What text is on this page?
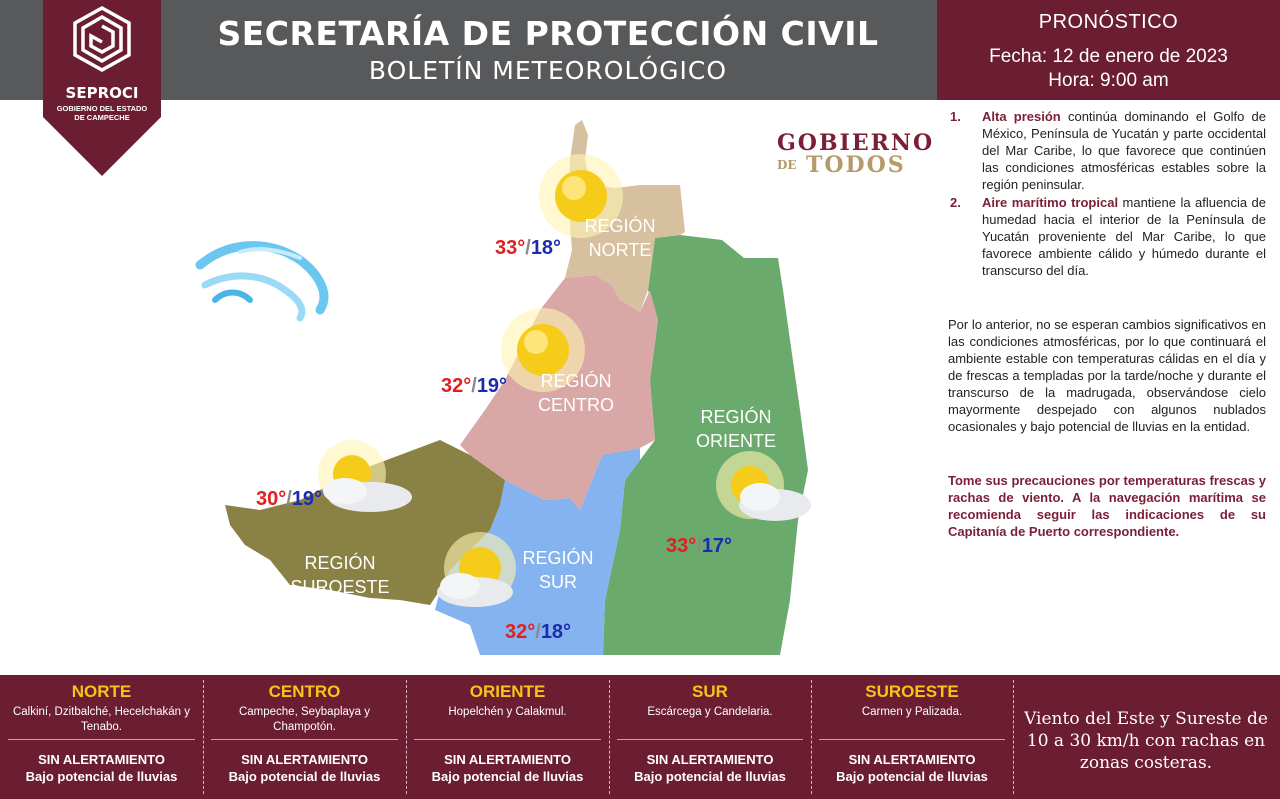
SECRETARÍA DE PROTECCIÓN CIVIL
BOLETÍN METEOROLÓGICO
PRONÓSTICO
Fecha: 12 de enero de 2023
Hora: 9:00 am
SEPROCI
GOBIERNO DEL ESTADO
DE CAMPECHE
REGIÓN
NORTE
REGIÓN
CENTRO
REGIÓN
ORIENTE
REGIÓN
SUR
REGIÓN
SUROESTE
33°/18°
32°/19°
33°/17°
32°/18°
30°/19°
GOBIERNO
DE TODOS
1. Alta presión continúa dominando el Golfo de México, Península de Yucatán y parte occidental del Mar Caribe, lo que favorece que continúen las condiciones atmosféricas estables sobre la región peninsular.
2. Aire marítimo tropical mantiene la afluencia de humedad hacia el interior de la Península de Yucatán proveniente del Mar Caribe, lo que favorece ambiente cálido y húmedo durante el transcurso del día.
Por lo anterior, no se esperan cambios significativos en las condiciones atmosféricas, por lo que continuará el ambiente estable con temperaturas cálidas en el día y de frescas a templadas por la tarde/noche y durante el transcurso de la madrugada, observándose cielo mayormente despejado con algunos nublados ocasionales y bajo potencial de lluvias en la entidad.
Tome sus precauciones por temperaturas frescas y rachas de viento. A la navegación marítima se recomienda seguir las indicaciones de su Capitanía de Puerto correspondiente.
NORTE
Calkiní, Dzitbalché, Hecelchakán y Tenabo.
SIN ALERTAMIENTO
Bajo potencial de lluvias
CENTRO
Campeche, Seybaplaya y Champotón.
SIN ALERTAMIENTO
Bajo potencial de lluvias
ORIENTE
Hopelchén y Calakmul.
SIN ALERTAMIENTO
Bajo potencial de lluvias
SUR
Escárcega y Candelaria.
SIN ALERTAMIENTO
Bajo potencial de lluvias
SUROESTE
Carmen y Palizada.
SIN ALERTAMIENTO
Bajo potencial de lluvias
Viento del Este y Sureste de 10 a 30 km/h con rachas en zonas costeras.
